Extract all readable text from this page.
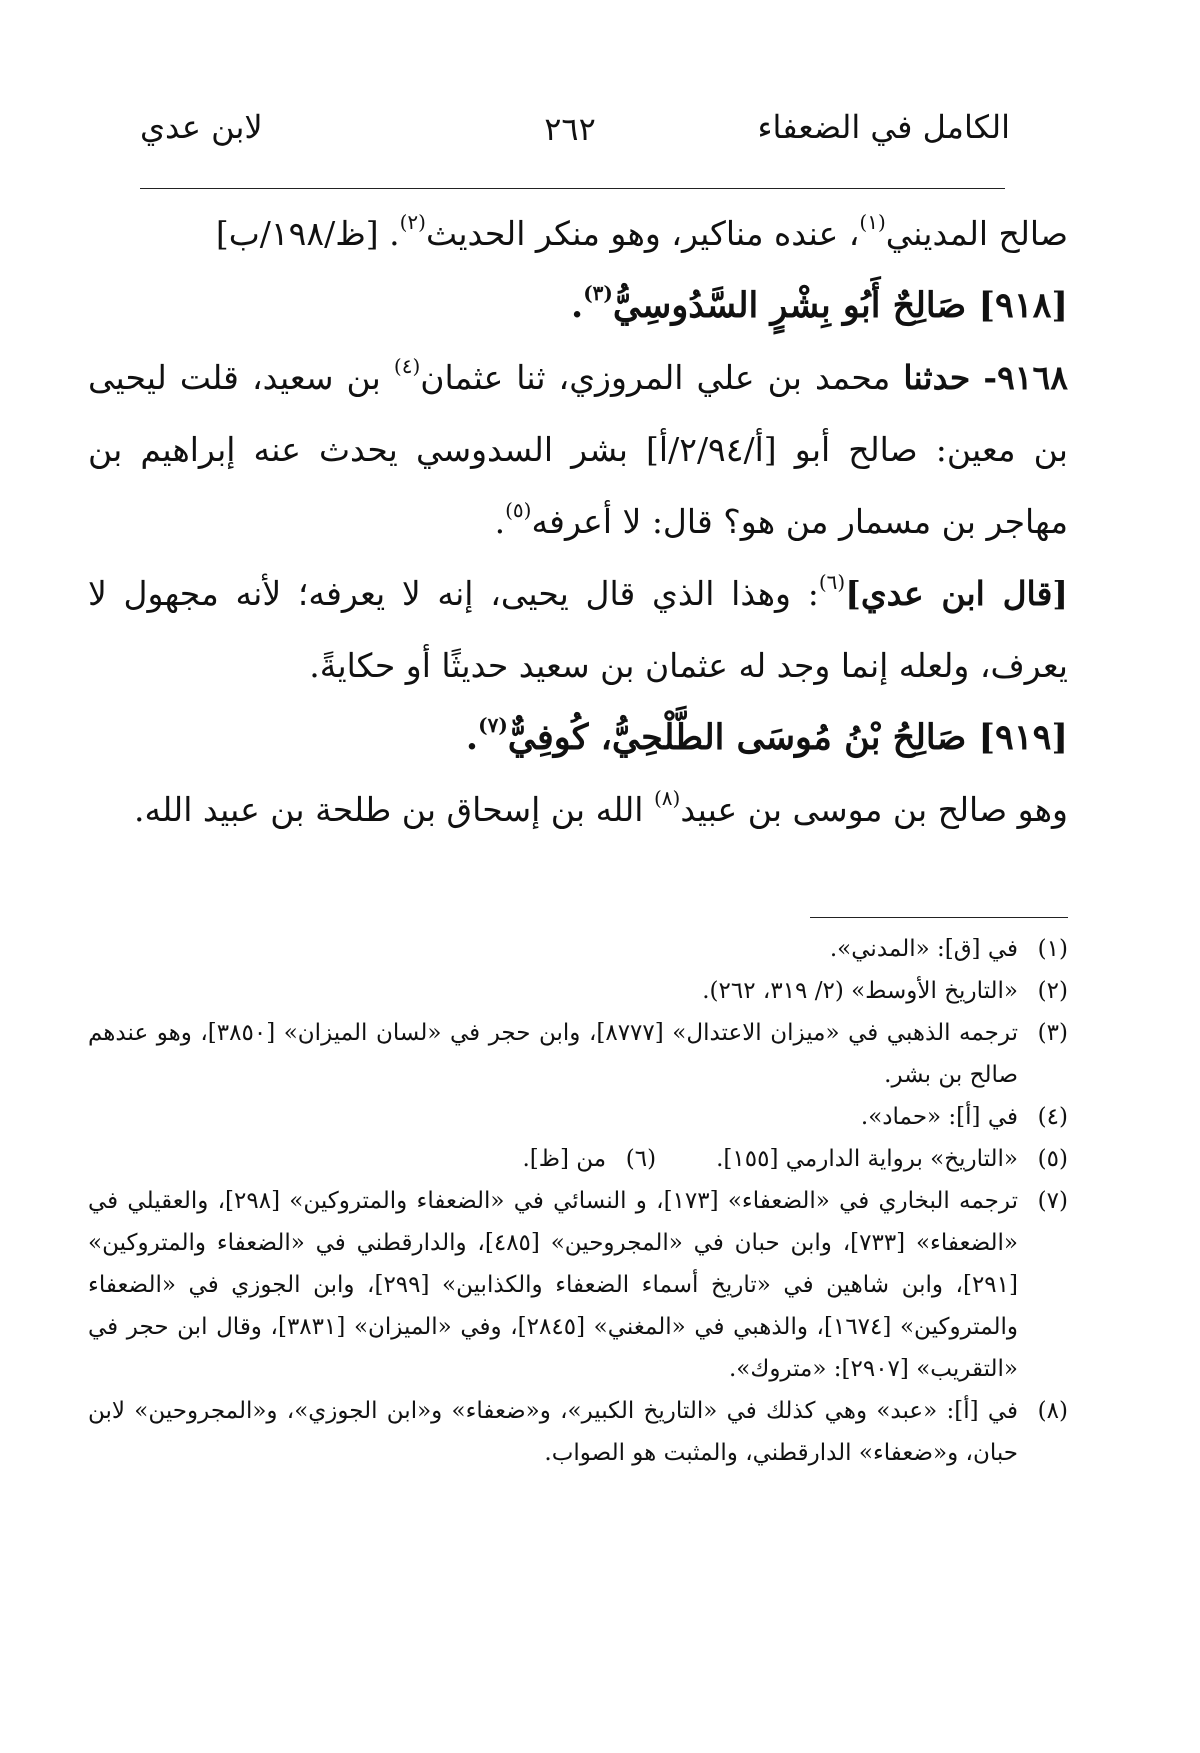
الكامل في الضعفاء
٢٦٢
لابن عدي

صالح المديني$^{(١)}$، عنده مناكير، وهو منكر الحديث$^{(٢)}$. [ظ/١٩٨/ب]

[٩١٨] صَالِحٌ أَبُو بِشْرٍ السَّدُوسِيُّ$^{(٣)}$.

٩١٦٨- حدثنا محمد بن علي المروزي، ثنا عثمان$^{(٤)}$ بن سعيد، قلت ليحيى بن معين: صالح أبو [أ/٢/٩٤/أ] بشر السدوسي يحدث عنه إبراهيم بن مهاجر بن مسمار من هو؟ قال: لا أعرفه$^{(٥)}$.

[قال ابن عدي]$^{(٦)}$: وهذا الذي قال يحيى، إنه لا يعرفه؛ لأنه مجهول لا يعرف، ولعله إنما وجد له عثمان بن سعيد حديثًا أو حكايةً.

[٩١٩] صَالِحُ بْنُ مُوسَى الطَّلْحِيُّ، كُوفِيٌّ$^{(٧)}$.

وهو صالح بن موسى بن عبيد$^{(٨)}$ الله بن إسحاق بن طلحة بن عبيد الله.

(١)
في [ق]: «المدني».
(٢)
«التاريخ الأوسط» (٢/ ٣١٩، ٢٦٢).
(٣)
ترجمه الذهبي في «ميزان الاعتدال» [٨٧٧٧]، وابن حجر في «لسان الميزان» [٣٨٥٠]، وهو عندهم صالح بن بشر.
(٤)
في [أ]: «حماد».
(٥)
«التاريخ» برواية الدارمي [١٥٥].
(٦)
من [ظ].
(٧)
ترجمه البخاري في «الضعفاء» [١٧٣]، و النسائي في «الضعفاء والمتروكين» [٢٩٨]، والعقيلي في «الضعفاء» [٧٣٣]، وابن حبان في «المجروحين» [٤٨٥]، والدارقطني في «الضعفاء والمتروكين» [٢٩١]، وابن شاهين في «تاريخ أسماء الضعفاء والكذابين» [٢٩٩]، وابن الجوزي في «الضعفاء والمتروكين» [١٦٧٤]، والذهبي في «المغني» [٢٨٤٥]، وفي «الميزان» [٣٨٣١]، وقال ابن حجر في «التقريب» [٢٩٠٧]: «متروك».
(٨)
في [أ]: «عبد» وهي كذلك في «التاريخ الكبير»، و«ضعفاء» و«ابن الجوزي»، و«المجروحين» لابن حبان، و«ضعفاء» الدارقطني، والمثبت هو الصواب.
